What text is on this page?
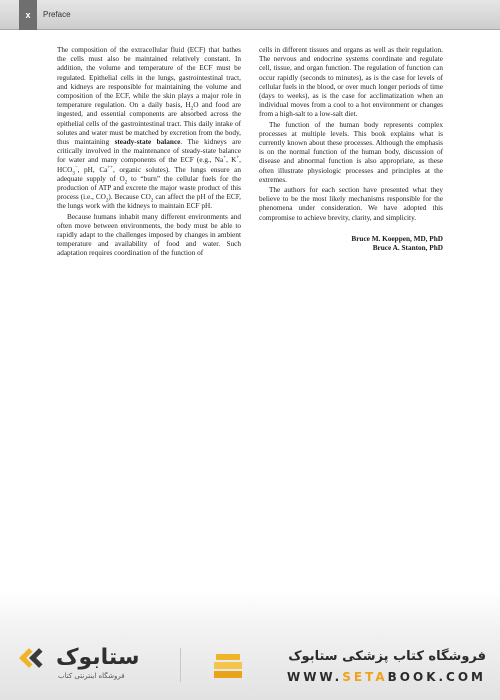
x	Preface

The composition of the extracellular fluid (ECF) that bathes the cells must also be maintained relatively constant. In addition, the volume and temperature of the ECF must be regulated. Epithelial cells in the lungs, gastrointestinal tract, and kidneys are responsible for maintaining the volume and composition of the ECF, while the skin plays a major role in temperature regulation. On a daily basis, $H_2O$ and food are ingested, and essential components are absorbed across the epithelial cells of the gastrointestinal tract. This daily intake of solutes and water must be matched by excretion from the body, thus maintaining steady-state balance. The kidneys are critically involved in the maintenance of steady-state balance for water and many components of the ECF (e.g., Na+, K+, $HCO_3^-$, pH, Ca++, organic solutes). The lungs ensure an adequate supply of $O_2$ to “burn” the cellular fuels for the production of ATP and excrete the major waste product of this process (i.e., $CO_2$). Because $CO_2$ can affect the pH of the ECF, the lungs work with the kidneys to maintain ECF pH.

Because humans inhabit many different environments and often move between environments, the body must be able to rapidly adapt to the challenges imposed by changes in ambient temperature and availability of food and water. Such adaptation requires coordination of the function of

cells in different tissues and organs as well as their regulation. The nervous and endocrine systems coordinate and regulate cell, tissue, and organ function. The regulation of function can occur rapidly (seconds to minutes), as is the case for levels of cellular fuels in the blood, or over much longer periods of time (days to weeks), as is the case for acclimatization when an individual moves from a cool to a hot environment or changes from a high-salt to a low-salt diet.

The function of the human body represents complex processes at multiple levels. This book explains what is currently known about these processes. Although the emphasis is on the normal function of the human body, discussion of disease and abnormal function is also appropriate, as these often illustrate physiologic processes and principles at the extremes.

The authors for each section have presented what they believe to be the most likely mechanisms responsible for the phenomena under consideration. We have adopted this compromise to achieve brevity, clarity, and simplicity.

Bruce M. Koeppen, MD, PhD
Bruce A. Stanton, PhD
ستابوک
فروشگاه اینترنتی کتاب
فروشگاه کتاب پزشکی ستابوک
WWW.SETABOOK.COM
